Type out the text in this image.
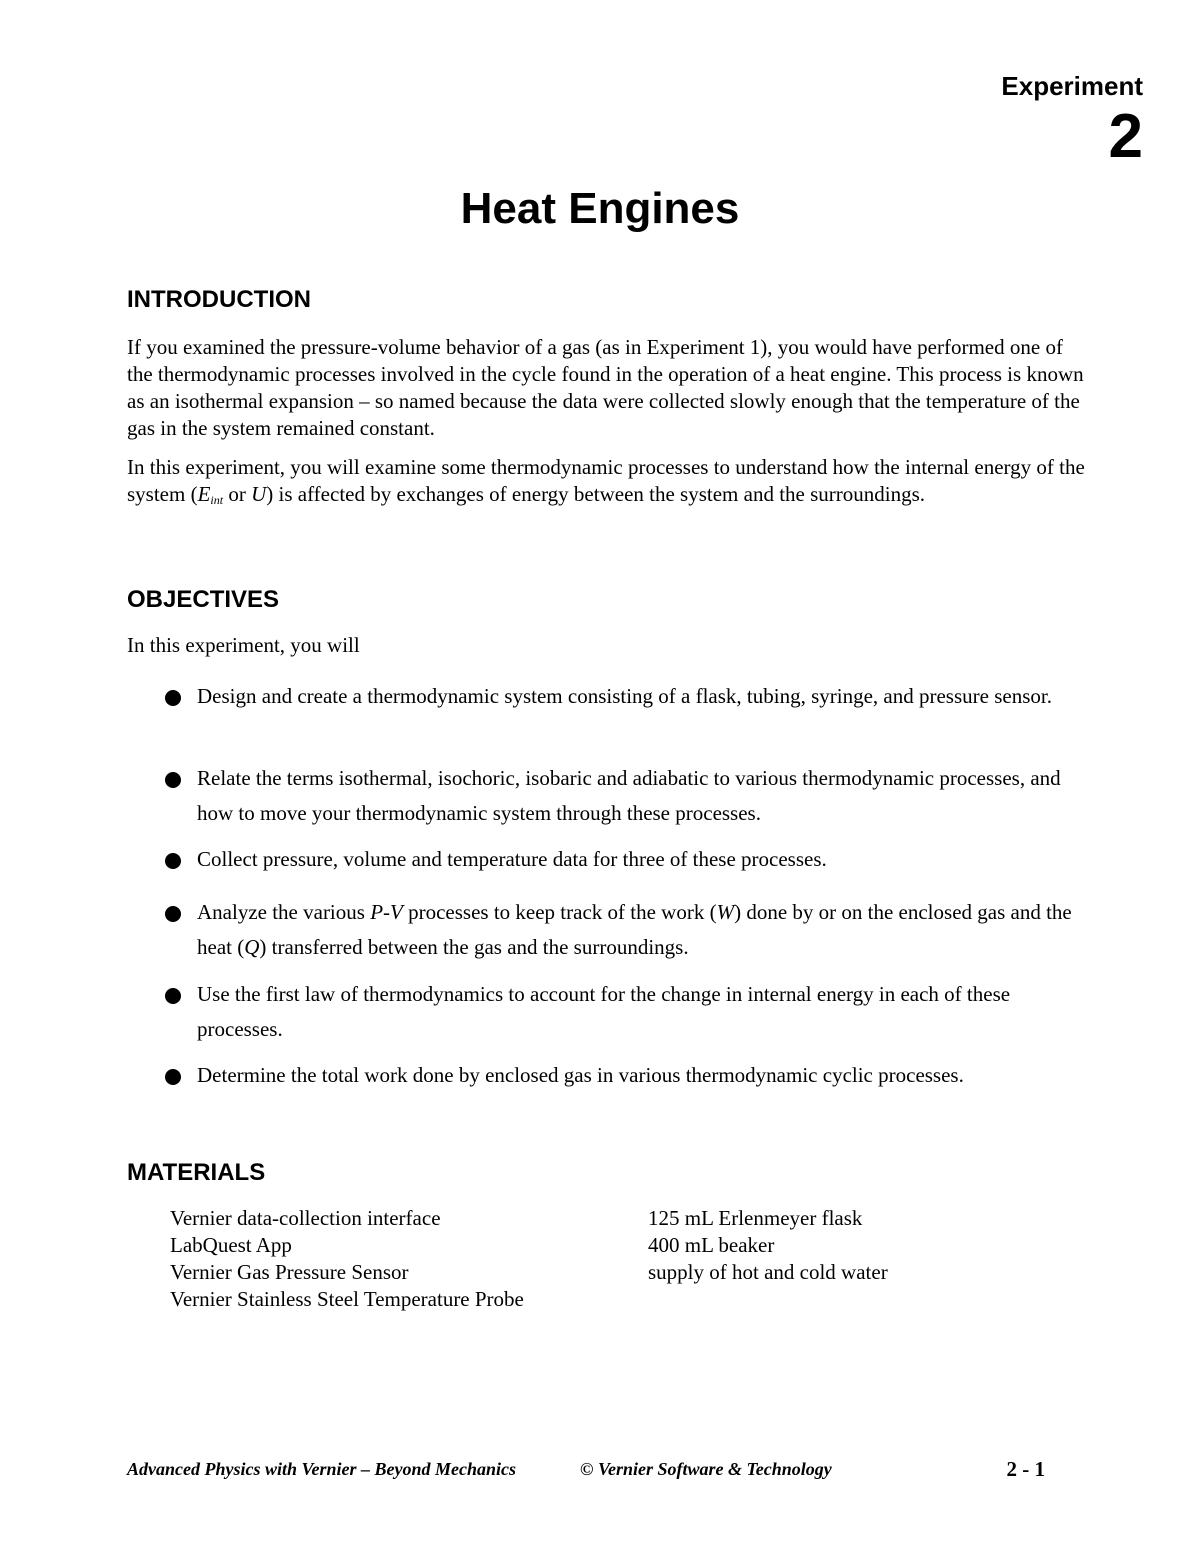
Experiment
2
Heat Engines
INTRODUCTION
If you examined the pressure-volume behavior of a gas (as in Experiment 1), you would have performed one of the thermodynamic processes involved in the cycle found in the operation of a heat engine. This process is known as an isothermal expansion – so named because the data were collected slowly enough that the temperature of the gas in the system remained constant.
In this experiment, you will examine some thermodynamic processes to understand how the internal energy of the system ($E_{int}$ or U) is affected by exchanges of energy between the system and the surroundings.
OBJECTIVES
In this experiment, you will
Design and create a thermodynamic system consisting of a flask, tubing, syringe, and pressure sensor.
Relate the terms isothermal, isochoric, isobaric and adiabatic to various thermodynamic processes, and how to move your thermodynamic system through these processes.
Collect pressure, volume and temperature data for three of these processes.
Analyze the various P-V processes to keep track of the work (W) done by or on the enclosed gas and the heat (Q) transferred between the gas and the surroundings.
Use the first law of thermodynamics to account for the change in internal energy in each of these processes.
Determine the total work done by enclosed gas in various thermodynamic cyclic processes.
MATERIALS
Vernier data-collection interface
LabQuest App
Vernier Gas Pressure Sensor
Vernier Stainless Steel Temperature Probe
125 mL Erlenmeyer flask
400 mL beaker
supply of hot and cold water
Advanced Physics with Vernier – Beyond Mechanics	© Vernier Software & Technology	2 - 1
